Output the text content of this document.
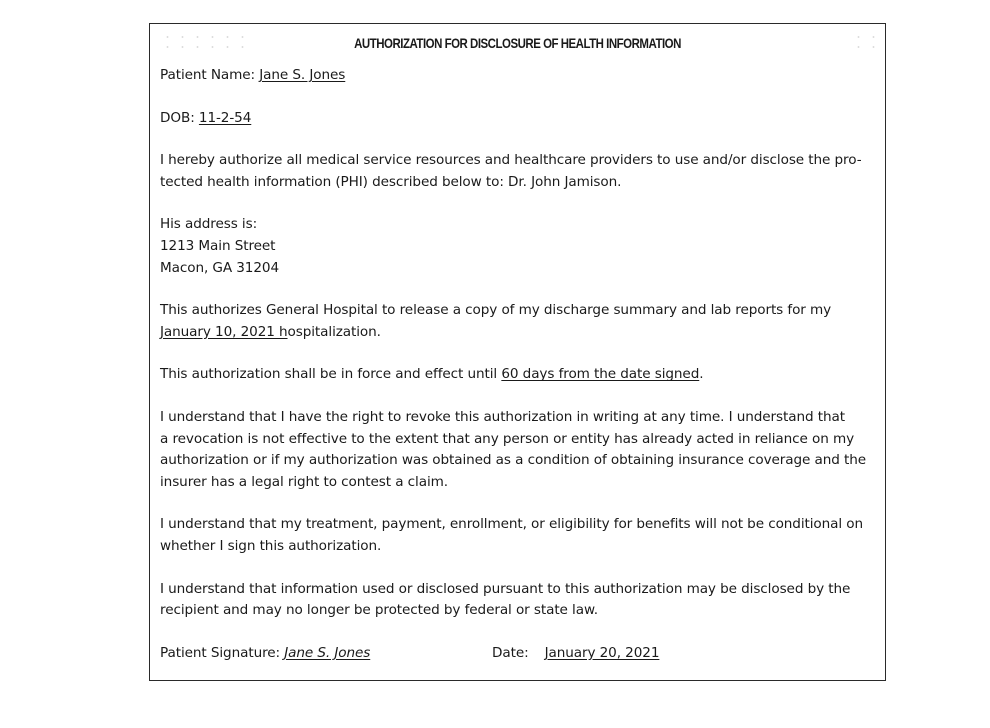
AUTHORIZATION FOR DISCLOSURE OF HEALTH INFORMATION

Patient Name: Jane S. Jones

DOB: 11-2-54

I hereby authorize all medical service resources and healthcare providers to use and/or disclose the pro-
tected health information (PHI) described below to: Dr. John Jamison.

His address is:
1213 Main Street
Macon, GA 31204

This authorizes General Hospital to release a copy of my discharge summary and lab reports for my
January 10, 2021 hospitalization.

This authorization shall be in force and effect until 60 days from the date signed.

I understand that I have the right to revoke this authorization in writing at any time. I understand that
a revocation is not effective to the extent that any person or entity has already acted in reliance on my
authorization or if my authorization was obtained as a condition of obtaining insurance coverage and the
insurer has a legal right to contest a claim.

I understand that my treatment, payment, enrollment, or eligibility for benefits will not be conditional on
whether I sign this authorization.

I understand that information used or disclosed pursuant to this authorization may be disclosed by the
recipient and may no longer be protected by federal or state law.

Patient Signature: Jane S. Jones	Date: January 20, 2021
